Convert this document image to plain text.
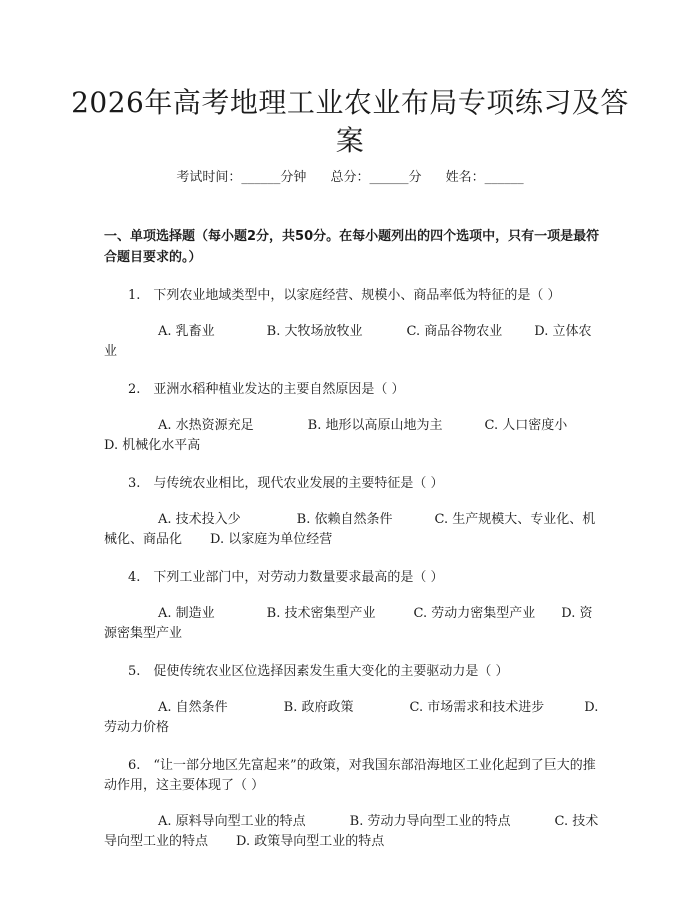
2026年高考地理工业农业布局专项练习及答案
考试时间：______分钟 总分：______分 姓名：______
一、单项选择题（每小题2分，共50分。在每小题列出的四个选项中，只有一项是最符合题目要求的。）
1.　下列农业地域类型中，以家庭经营、规模小、商品率低为特征的是（ ）
A. 乳畜业	B. 大牧场放牧业	C. 商品谷物农业 D. 立体农业
2.　亚洲水稻种植业发达的主要自然原因是（ ）
A. 水热资源充足	B. 地形以高原山地为主	C. 人口密度小D. 机械化水平高
3.　与传统农业相比，现代农业发展的主要特征是（ ）
A. 技术投入少	B. 依赖自然条件	C. 生产规模大、专业化、机械化、商品化 D. 以家庭为单位经营
4.　下列工业部门中，对劳动力数量要求最高的是（ ）
A. 制造业	B. 技术密集型产业	C. 劳动力密集型产业 D. 资源密集型产业
5.　促使传统农业区位选择因素发生重大变化的主要驱动力是（ ）
A. 自然条件	B. 政府政策	C. 市场需求和技术进步	D. 劳动力价格
6.　“让一部分地区先富起来”的政策，对我国东部沿海地区工业化起到了巨大的推动作用，这主要体现了（ ）
A. 原料导向型工业的特点	B. 劳动力导向型工业的特点	C. 技术导向型工业的特点 D. 政策导向型工业的特点
